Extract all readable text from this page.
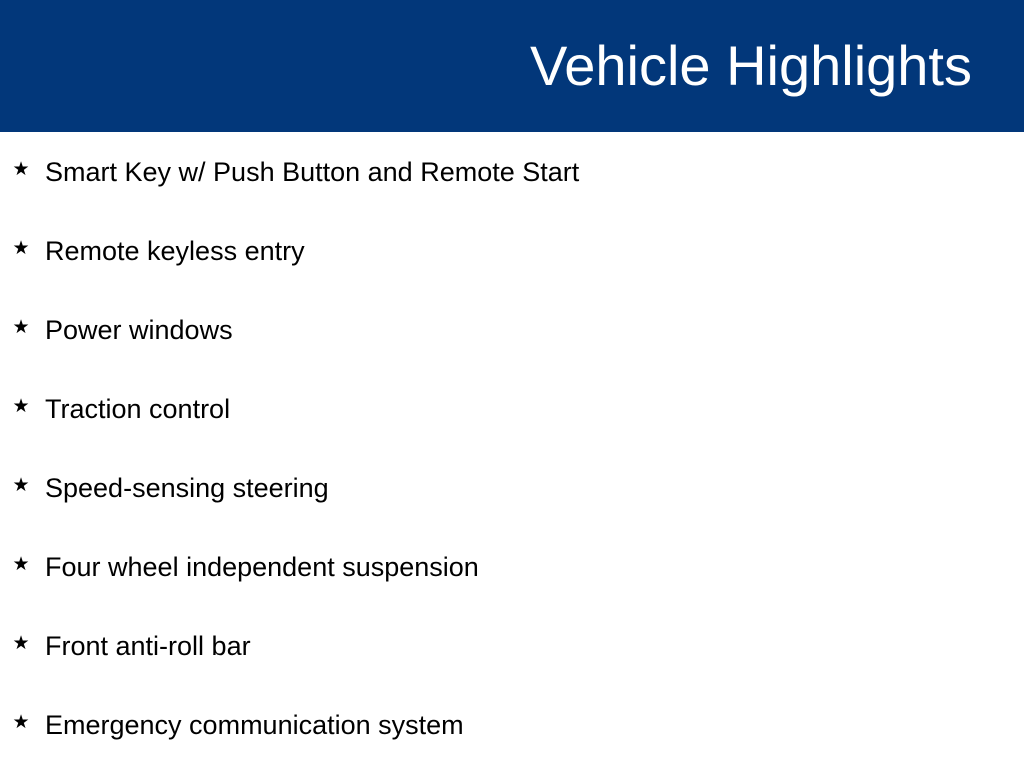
Vehicle Highlights
★ Smart Key w/ Push Button and Remote Start
★ Remote keyless entry
★ Power windows
★ Traction control
★ Speed-sensing steering
★ Four wheel independent suspension
★ Front anti-roll bar
★ Emergency communication system
